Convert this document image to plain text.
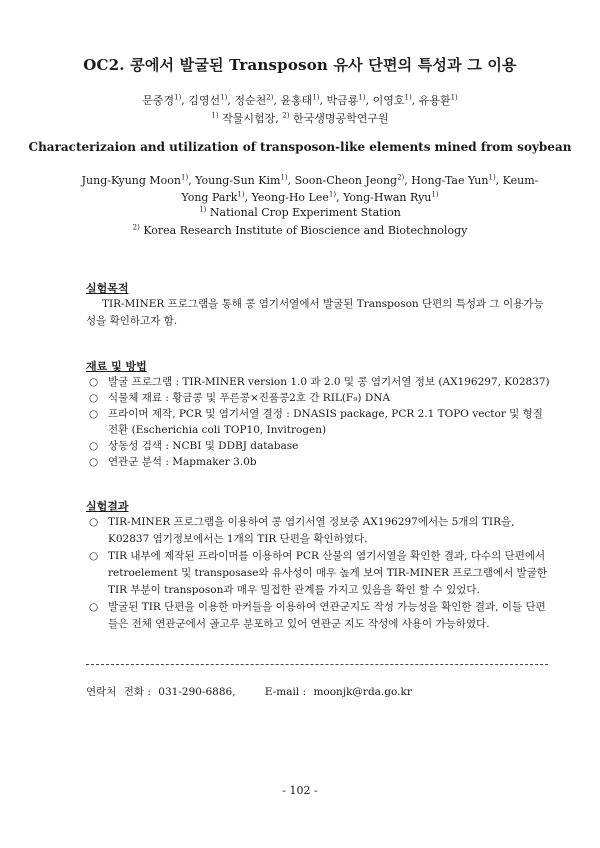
OC2. 콩에서 발굴된 Transposon 유사 단편의 특성과 그 이용
문중경$^{1)}$, 김영선$^{1)}$, 정순천$^{2)}$, 윤홍태$^{1)}$, 박금룡$^{1)}$, 이영호$^{1)}$, 유용환$^{1)}$
$^{1)}$ 작물시험장, $^{2)}$ 한국생명공학연구원
Characterizaion and utilization of transposon-like elements mined from soybean
Jung-Kyung Moon$^{1)}$, Young-Sun Kim$^{1)}$, Soon-Cheon Jeong$^{2)}$, Hong-Tae Yun$^{1)}$, Keum-Yong Park$^{1)}$, Yeong-Ho Lee$^{1)}$, Yong-Hwan Ryu$^{1)}$
$^{1)}$ National Crop Experiment Station
$^{2)}$ Korea Research Institute of Bioscience and Biotechnology
실험목적
TIR-MINER 프로그램을 통해 콩 염기서열에서 발굴된 Transposon 단편의 특성과 그 이용가능성을 확인하고자 함.
재료 및 방법
○ 발굴 프로그램 : TIR-MINER version 1.0 과 2.0 및 콩 염기서열 정보 (AX196297, K02837)
○ 식물체 재료 : 황금콩 및 푸른콩×진품콩2호 간 RIL(F₉) DNA
○ 프라이머 제작, PCR 및 염기서열 결정 : DNASIS package, PCR 2.1 TOPO vector 및 형질전환 (Escherichia coli TOP10, Invitrogen)
○ 상동성 검색 : NCBI 및 DDBJ database
○ 연관군 분석 : Mapmaker 3.0b
실험결과
○ TIR-MINER 프로그램을 이용하여 콩 염기서열 정보중 AX196297에서는 5개의 TIR을, K02837 염기정보에서는 1개의 TIR 단편을 확인하였다.
○ TIR 내부에 제작된 프라이머를 이용하여 PCR 산물의 염기서열을 확인한 결과, 다수의 단편에서 retroelement 및 transposase와 유사성이 매우 높게 보여 TIR-MINER 프로그램에서 발굴한 TIR 부분이 transposon과 매우 밀접한 관계를 가지고 있음을 확인 할 수 있었다.
○ 발굴된 TIR 단편을 이용한 마커들을 이용하여 연관군지도 작성 가능성을 확인한 결과, 이들 단편들은 전체 연관군에서 골고루 분포하고 있어 연관군 지도 작성에 사용이 가능하였다.
연락처 전화 : 031-290-6886,	E-mail : moonjk@rda.go.kr
- 102 -
